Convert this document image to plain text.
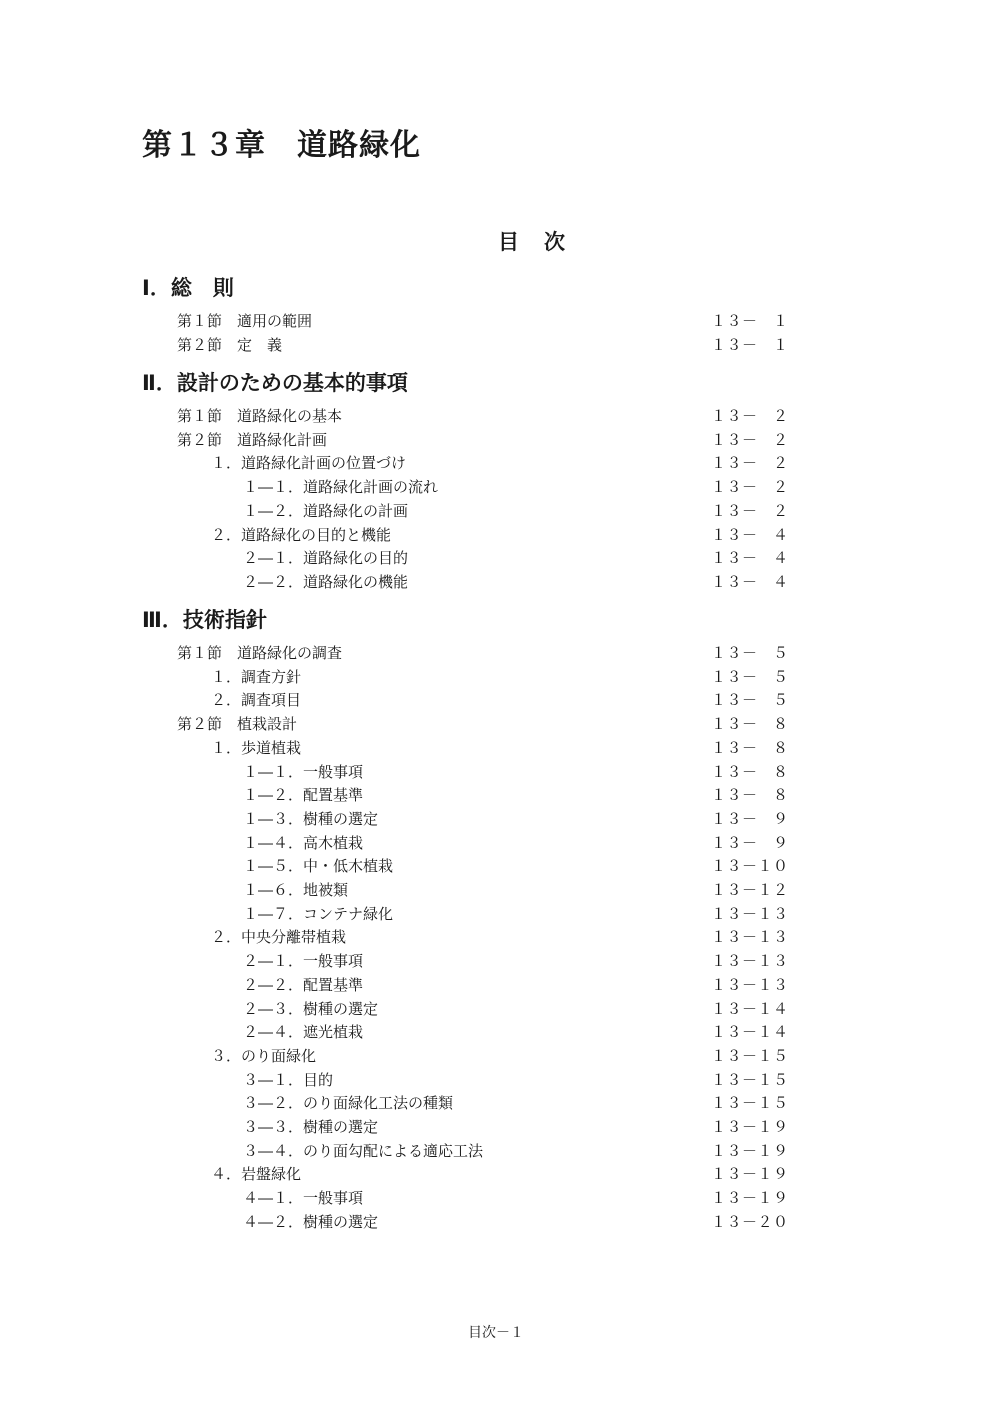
第１３章　道路緑化
目　次
Ⅰ．総　則
第１節　適用の範囲	１３－　１
第２節　定　義	１３－　１
Ⅱ．設計のための基本的事項
第１節　道路緑化の基本	１３－　２
第２節　道路緑化計画	１３－　２
１．道路緑化計画の位置づけ	１３－　２
１―１．道路緑化計画の流れ	１３－　２
１―２．道路緑化の計画	１３－　２
２．道路緑化の目的と機能	１３－　４
２―１．道路緑化の目的	１３－　４
２―２．道路緑化の機能	１３－　４
Ⅲ．技術指針
第１節　道路緑化の調査	１３－　５
１．調査方針	１３－　５
２．調査項目	１３－　５
第２節　植栽設計	１３－　８
１．歩道植栽	１３－　８
１―１．一般事項	１３－　８
１―２．配置基準	１３－　８
１―３．樹種の選定	１３－　９
１―４．高木植栽	１３－　９
１―５．中・低木植栽	１３－１０
１―６．地被類	１３－１２
１―７．コンテナ緑化	１３－１３
２．中央分離帯植栽	１３－１３
２―１．一般事項	１３－１３
２―２．配置基準	１３－１３
２―３．樹種の選定	１３－１４
２―４．遮光植栽	１３－１４
３．のり面緑化	１３－１５
３―１．目的	１３－１５
３―２．のり面緑化工法の種類	１３－１５
３―３．樹種の選定	１３－１９
３―４．のり面勾配による適応工法	１３－１９
４．岩盤緑化	１３－１９
４―１．一般事項	１３－１９
４―２．樹種の選定	１３－２０
目次－１
